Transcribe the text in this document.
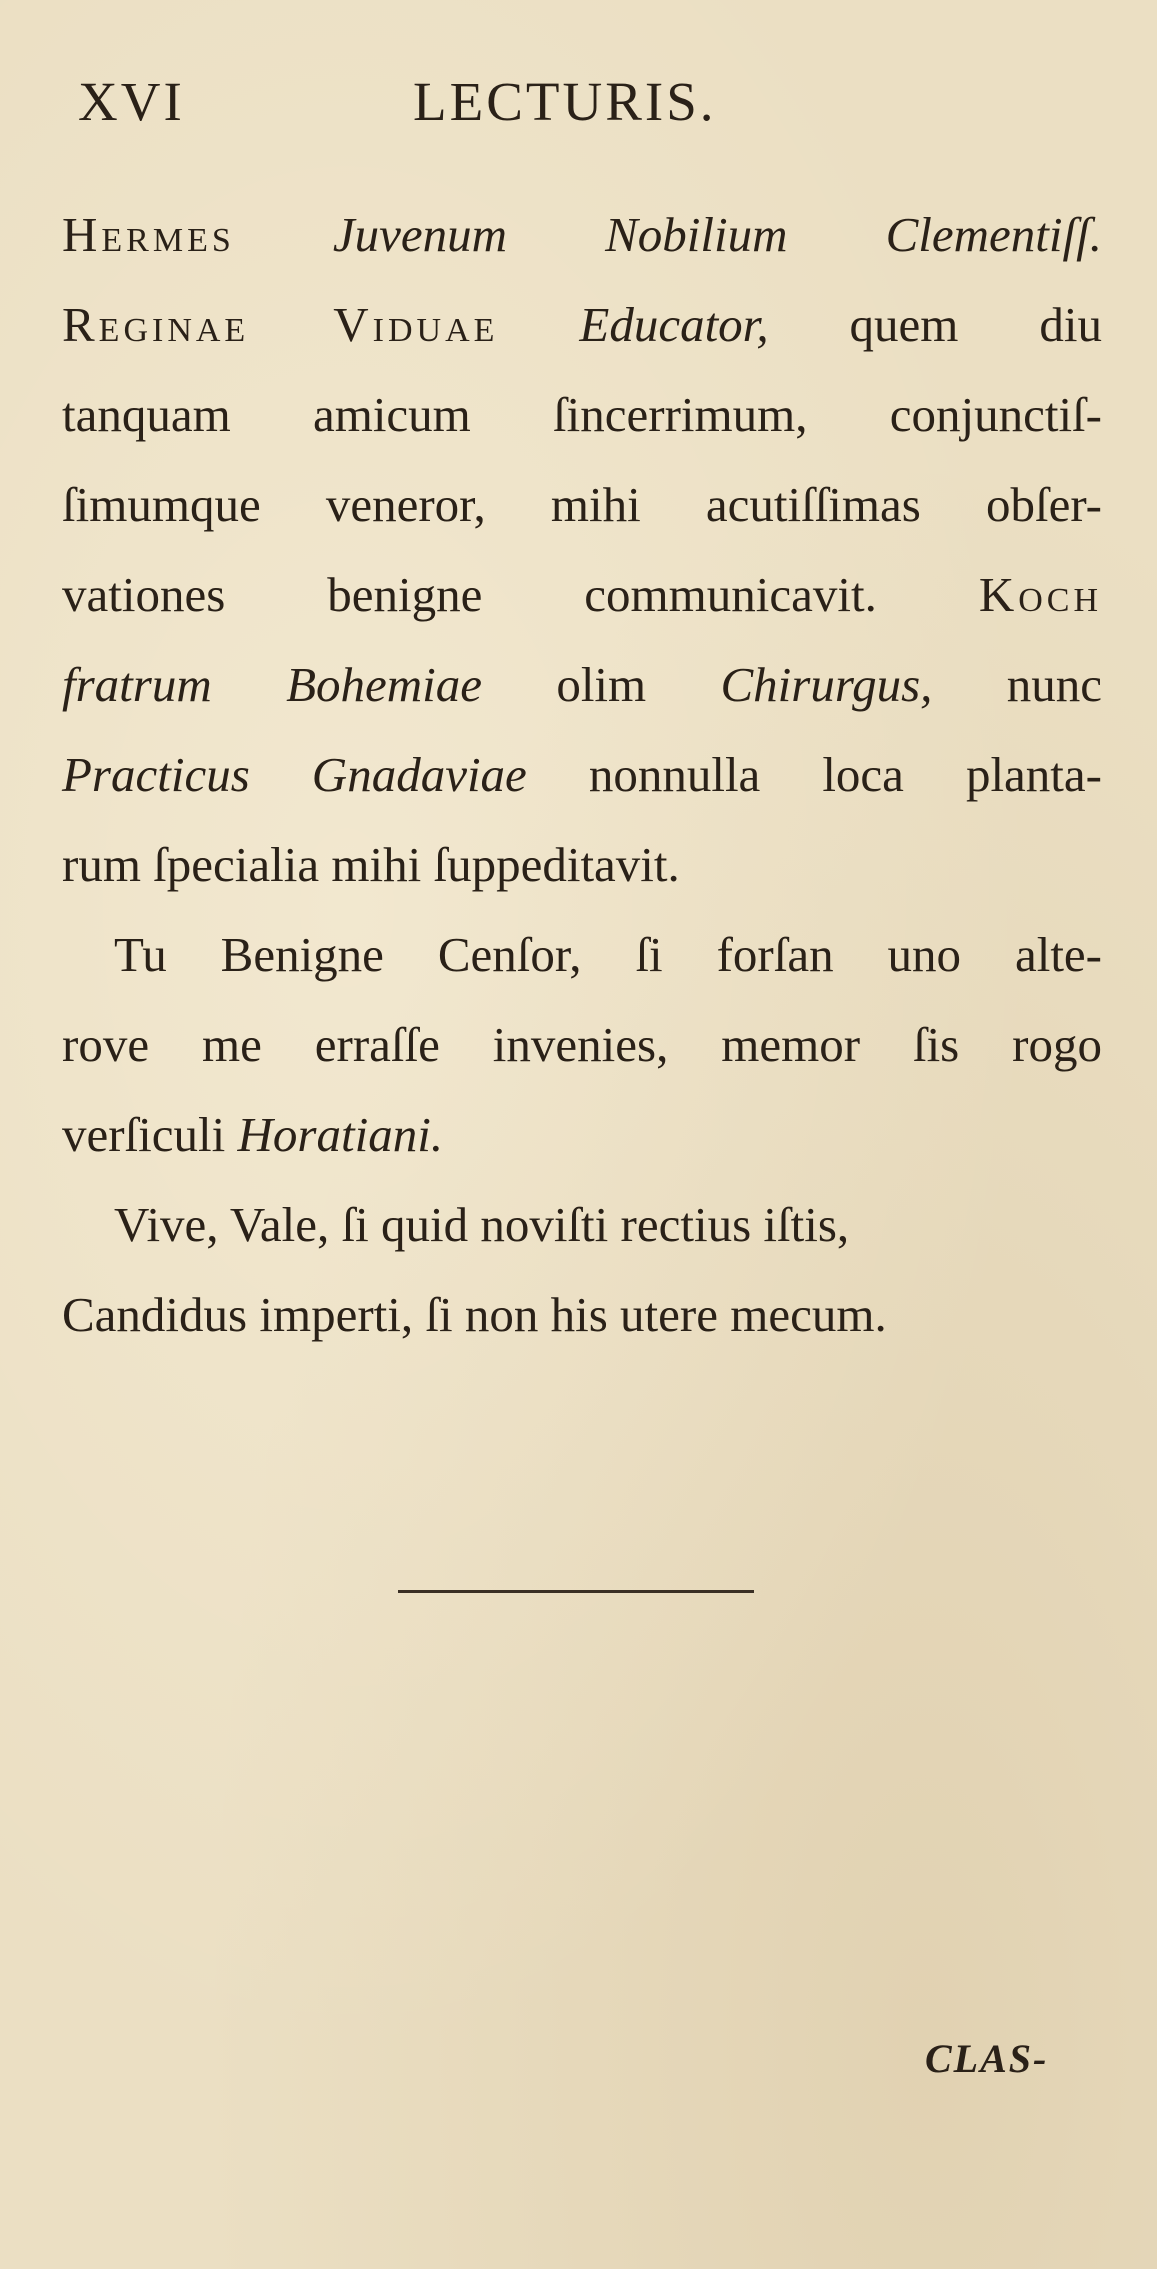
XVI	LECTURIS.
Hermes Juvenum Nobilium Clementiſſ.
Reginae Viduae Educator, quem diu
tanquam amicum ſincerrimum, conjunctiſ-
ſimumque veneror, mihi acutiſſimas obſer-
vationes benigne communicavit. Koch
fratrum Bohemiae olim Chirurgus, nunc
Practicus Gnadaviae nonnulla loca planta-
rum ſpecialia mihi ſuppeditavit.
Tu Benigne Cenſor, ſi forſan uno alte-
rove me erraſſe invenies, memor ſis rogo
verſiculi Horatiani.
Vive, Vale, ſi quid noviſti rectius iſtis,
Candidus imperti, ſi non his utere mecum.
CLAS-
